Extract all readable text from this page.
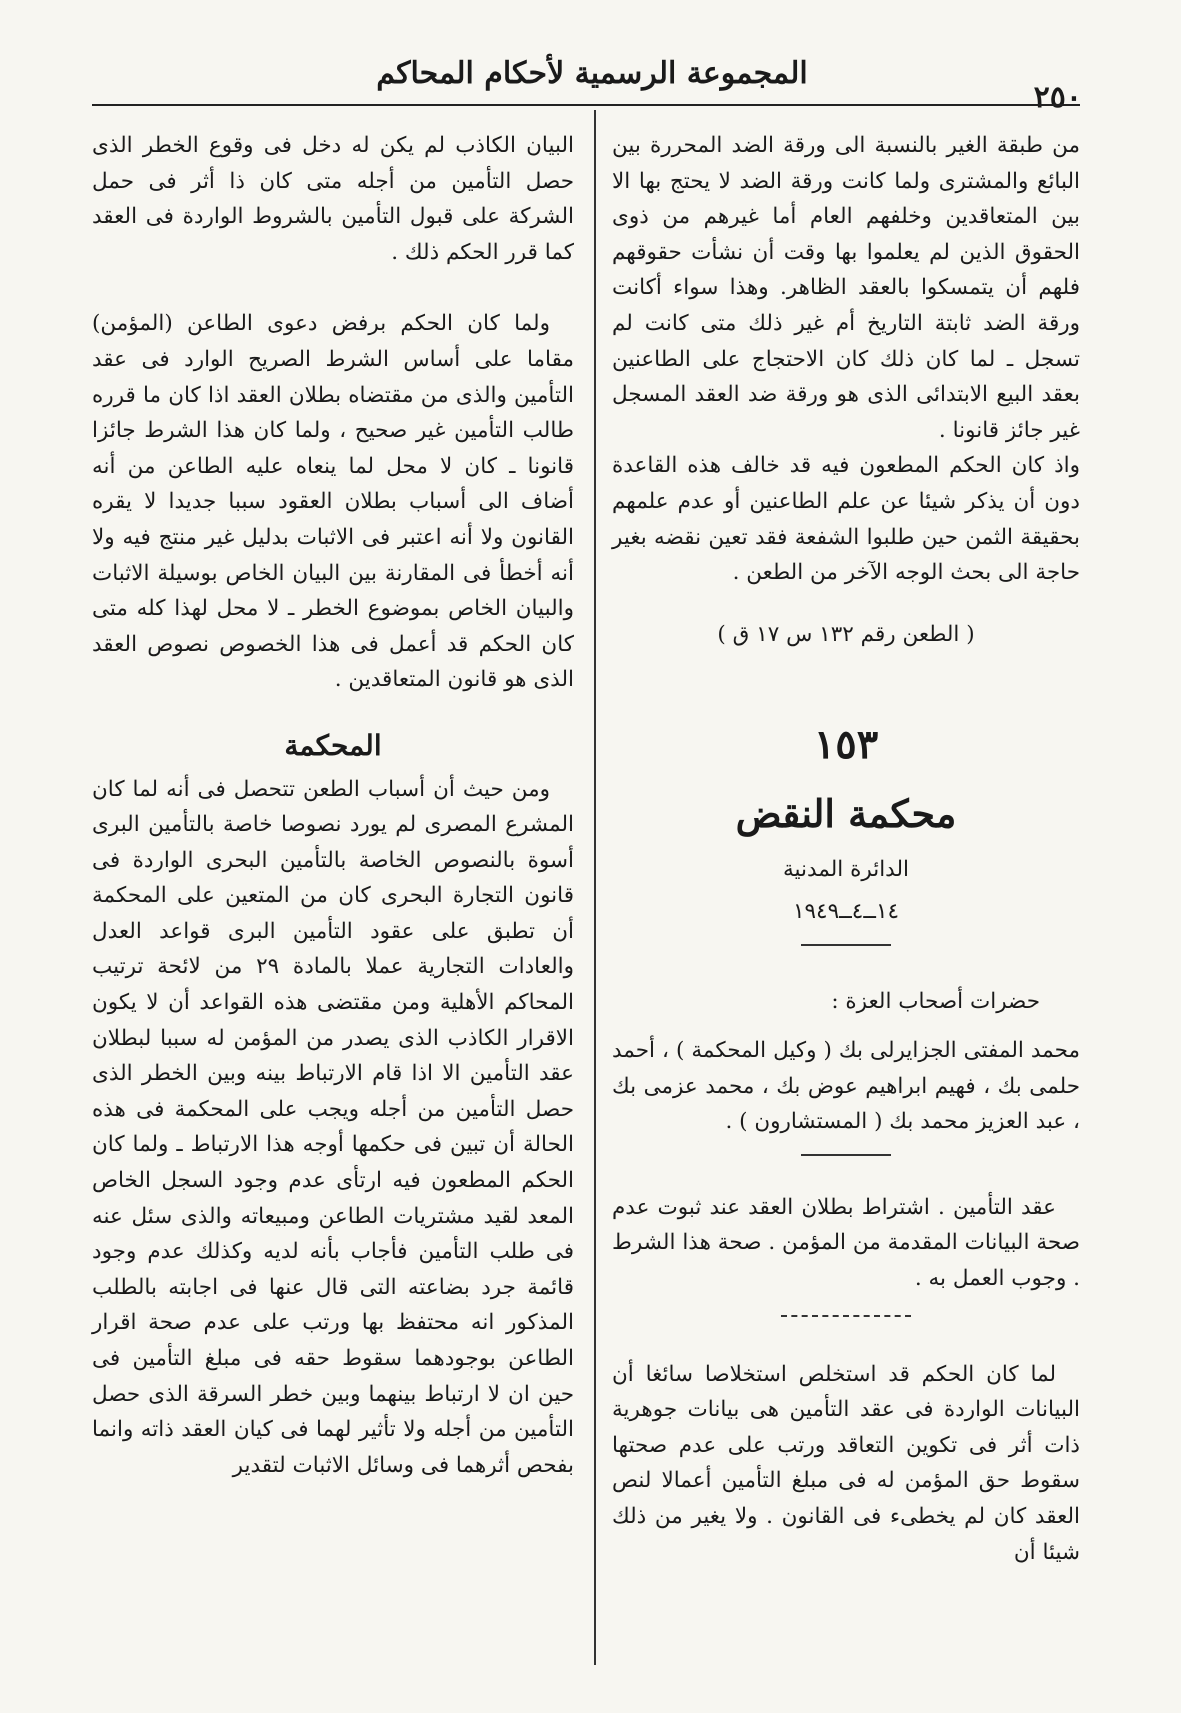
المجموعة الرسمية لأحكام المحاكم
٢٥٠

من طبقة الغير بالنسبة الى ورقة الضد المحررة بين البائع والمشترى ولما كانت ورقة الضد لا يحتج بها الا بين المتعاقدين وخلفهم العام أما غيرهم من ذوى الحقوق الذين لم يعلموا بها وقت أن نشأت حقوقهم فلهم أن يتمسكوا بالعقد الظاهر. وهذا سواء أكانت ورقة الضد ثابتة التاريخ أم غير ذلك متى كانت لم تسجل ـ لما كان ذلك كان الاحتجاج على الطاعنين بعقد البيع الابتدائى الذى هو ورقة ضد العقد المسجل غير جائز قانونا .

واذ كان الحكم المطعون فيه قد خالف هذه القاعدة دون أن يذكر شيئا عن علم الطاعنين أو عدم علمهم بحقيقة الثمن حين طلبوا الشفعة فقد تعين نقضه بغير حاجة الى بحث الوجه الآخر من الطعن .

( الطعن رقم ١٣٢ س ١٧ ق )

١٥٣
محكمة النقض
الدائرة المدنية
١٤ــ٤ــ١٩٤٩

حضرات أصحاب العزة :

محمد المفتى الجزايرلى بك ( وكيل المحكمة ) ، أحمد حلمى بك ، فهيم ابراهيم عوض بك ، محمد عزمى بك ، عبد العزيز محمد بك ( المستشارون ) .

عقد التأمين . اشتراط بطلان العقد عند ثبوت عدم صحة البيانات المقدمة من المؤمن . صحة هذا الشرط . وجوب العمل به .

لما كان الحكم قد استخلص استخلاصا سائغا أن البيانات الواردة فى عقد التأمين هى بيانات جوهرية ذات أثر فى تكوين التعاقد ورتب على عدم صحتها سقوط حق المؤمن له فى مبلغ التأمين أعمالا لنص العقد كان لم يخطىء فى القانون . ولا يغير من ذلك شيئا أن

البيان الكاذب لم يكن له دخل فى وقوع الخطر الذى حصل التأمين من أجله متى كان ذا أثر فى حمل الشركة على قبول التأمين بالشروط الواردة فى العقد كما قرر الحكم ذلك .

ولما كان الحكم برفض دعوى الطاعن (المؤمن) مقاما على أساس الشرط الصريح الوارد فى عقد التأمين والذى من مقتضاه بطلان العقد اذا كان ما قرره طالب التأمين غير صحيح ، ولما كان هذا الشرط جائزا قانونا ـ كان لا محل لما ينعاه عليه الطاعن من أنه أضاف الى أسباب بطلان العقود سببا جديدا لا يقره القانون ولا أنه اعتبر فى الاثبات بدليل غير منتج فيه ولا أنه أخطأ فى المقارنة بين البيان الخاص بوسيلة الاثبات والبيان الخاص بموضوع الخطر ـ لا محل لهذا كله متى كان الحكم قد أعمل فى هذا الخصوص نصوص العقد الذى هو قانون المتعاقدين .

المحكمة

ومن حيث أن أسباب الطعن تتحصل فى أنه لما كان المشرع المصرى لم يورد نصوصا خاصة بالتأمين البرى أسوة بالنصوص الخاصة بالتأمين البحرى الواردة فى قانون التجارة البحرى كان من المتعين على المحكمة أن تطبق على عقود التأمين البرى قواعد العدل والعادات التجارية عملا بالمادة ٢٩ من لائحة ترتيب المحاكم الأهلية ومن مقتضى هذه القواعد أن لا يكون الاقرار الكاذب الذى يصدر من المؤمن له سببا لبطلان عقد التأمين الا اذا قام الارتباط بينه وبين الخطر الذى حصل التأمين من أجله ويجب على المحكمة فى هذه الحالة أن تبين فى حكمها أوجه هذا الارتباط ـ ولما كان الحكم المطعون فيه ارتأى عدم وجود السجل الخاص المعد لقيد مشتريات الطاعن ومبيعاته والذى سئل عنه فى طلب التأمين فأجاب بأنه لديه وكذلك عدم وجود قائمة جرد بضاعته التى قال عنها فى اجابته بالطلب المذكور انه محتفظ بها ورتب على عدم صحة اقرار الطاعن بوجودهما سقوط حقه فى مبلغ التأمين فى حين ان لا ارتباط بينهما وبين خطر السرقة الذى حصل التأمين من أجله ولا تأثير لهما فى كيان العقد ذاته وانما بفحص أثرهما فى وسائل الاثبات لتقدير
